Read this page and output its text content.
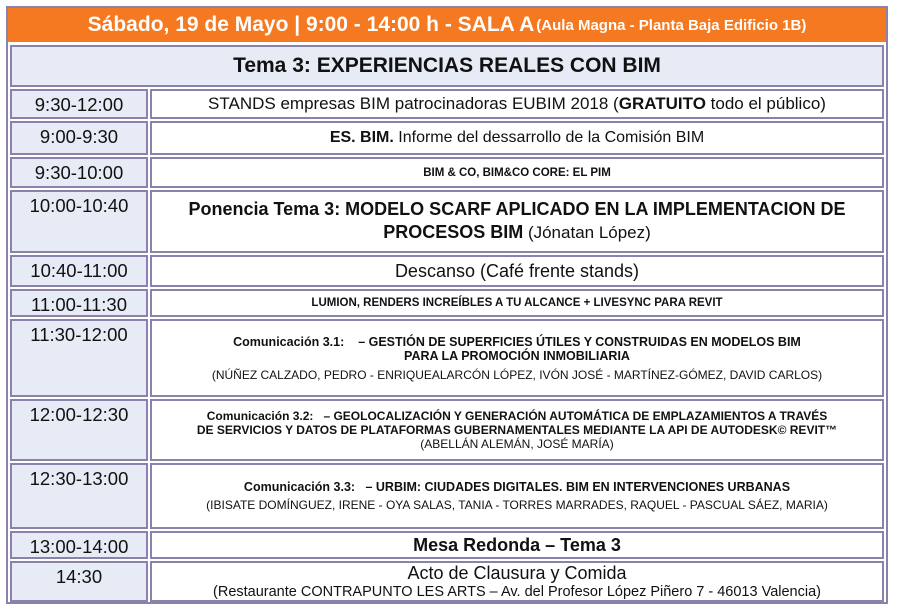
Sábado, 19 de Mayo | 9:00 - 14:00 h - SALA A (Aula Magna - Planta Baja Edificio 1B)
Tema 3: EXPERIENCIAS REALES CON BIM
9:30-12:00	STANDS empresas BIM patrocinadoras EUBIM 2018 (GRATUITO todo el público)
9:00-9:30	ES. BIM. Informe del dessarrollo de la Comisión BIM
9:30-10:00	BIM & CO, BIM&CO CORE: EL PIM
10:00-10:40	Ponencia Tema 3: MODELO SCARF APLICADO EN LA IMPLEMENTACION DE
PROCESOS BIM (Jónatan López)
10:40-11:00	Descanso (Café frente stands)
11:00-11:30	LUMION, RENDERS INCREÍBLES A TU ALCANCE + LIVESYNC PARA REVIT
11:30-12:00	Comunicación 3.1: – GESTIÓN DE SUPERFICIES ÚTILES Y CONSTRUIDAS EN MODELOS BIM
PARA LA PROMOCIÓN INMOBILIARIA
(NÚÑEZ CALZADO, PEDRO - ENRIQUEALARCÓN LÓPEZ, IVÓN JOSÉ - MARTÍNEZ-GÓMEZ, DAVID CARLOS)
12:00-12:30	Comunicación 3.2: – GEOLOCALIZACIÓN Y GENERACIÓN AUTOMÁTICA DE EMPLAZAMIENTOS A TRAVÉS
DE SERVICIOS Y DATOS DE PLATAFORMAS GUBERNAMENTALES MEDIANTE LA API DE AUTODESK© REVIT™
(ABELLÁN ALEMÁN, JOSÉ MARÍA)
12:30-13:00	Comunicación 3.3: – URBIM: CIUDADES DIGITALES. BIM EN INTERVENCIONES URBANAS
(IBISATE DOMÍNGUEZ, IRENE - OYA SALAS, TANIA - TORRES MARRADES, RAQUEL - PASCUAL SÁEZ, MARIA)
13:00-14:00	Mesa Redonda – Tema 3
14:30	Acto de Clausura y Comida
(Restaurante CONTRAPUNTO LES ARTS – Av. del Profesor López Piñero 7 - 46013 Valencia)
